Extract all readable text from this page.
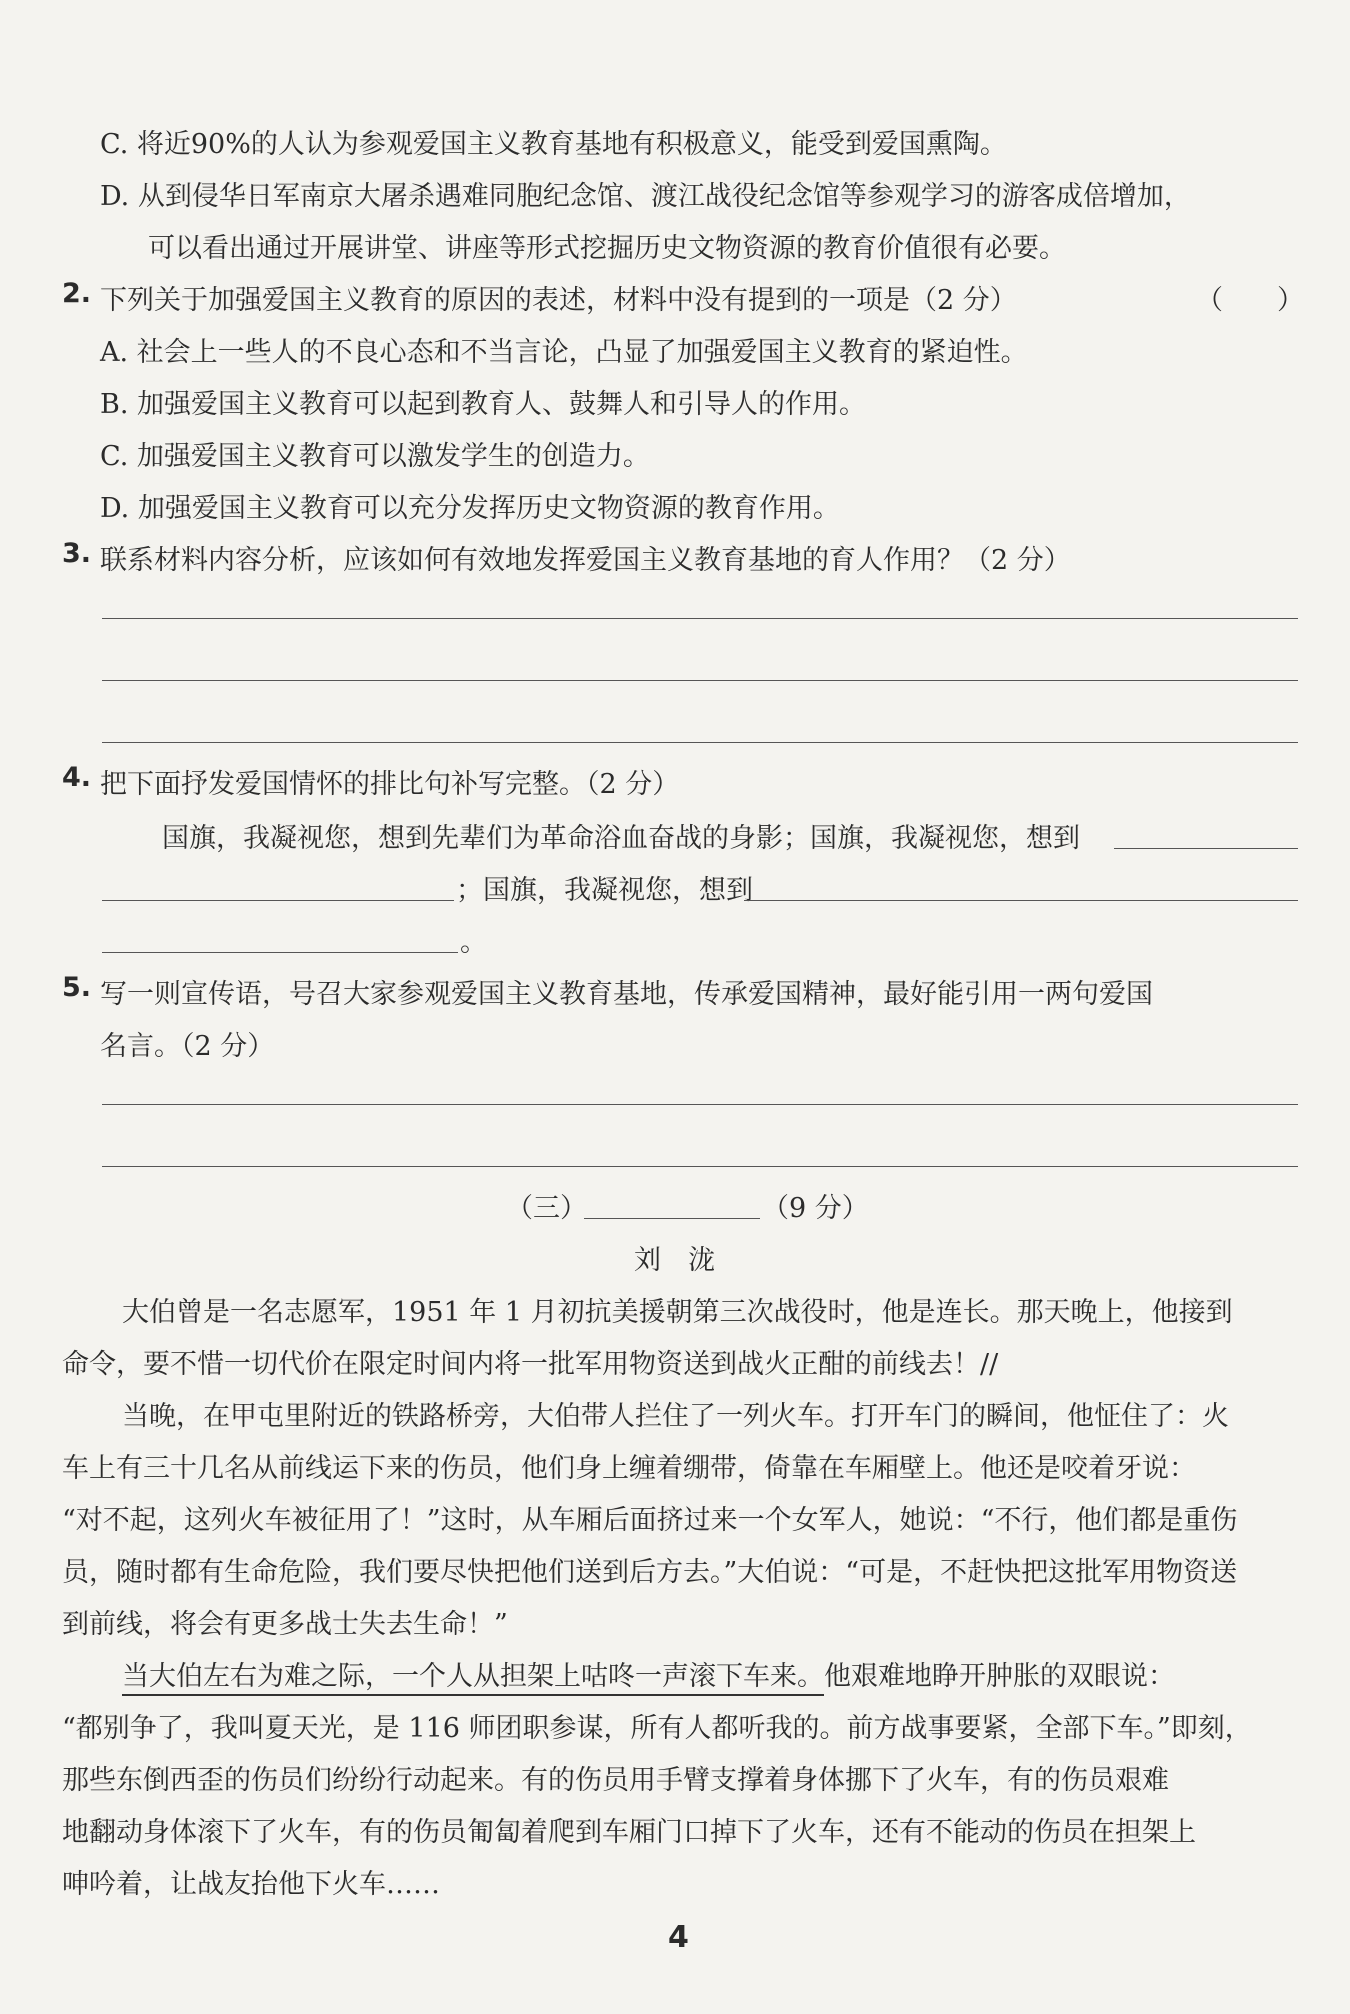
C. 将近90%的人认为参观爱国主义教育基地有积极意义，能受到爱国熏陶。
D. 从到侵华日军南京大屠杀遇难同胞纪念馆、渡江战役纪念馆等参观学习的游客成倍增加，
可以看出通过开展讲堂、讲座等形式挖掘历史文物资源的教育价值很有必要。
2. 下列关于加强爱国主义教育的原因的表述，材料中没有提到的一项是（2 分）	（　　）
A. 社会上一些人的不良心态和不当言论，凸显了加强爱国主义教育的紧迫性。
B. 加强爱国主义教育可以起到教育人、鼓舞人和引导人的作用。
C. 加强爱国主义教育可以激发学生的创造力。
D. 加强爱国主义教育可以充分发挥历史文物资源的教育作用。
3. 联系材料内容分析，应该如何有效地发挥爱国主义教育基地的育人作用？（2 分）
4. 把下面抒发爱国情怀的排比句补写完整。（2 分）
国旗，我凝视您，想到先辈们为革命浴血奋战的身影；国旗，我凝视您，想到
；国旗，我凝视您，想到
。
5. 写一则宣传语，号召大家参观爱国主义教育基地，传承爱国精神，最好能引用一两句爱国
名言。（2 分）
（三）	（9 分）
刘　泷
大伯曾是一名志愿军，1951 年 1 月初抗美援朝第三次战役时，他是连长。那天晚上，他接到
命令，要不惜一切代价在限定时间内将一批军用物资送到战火正酣的前线去！//
当晚，在甲屯里附近的铁路桥旁，大伯带人拦住了一列火车。打开车门的瞬间，他怔住了：火
车上有三十几名从前线运下来的伤员，他们身上缠着绷带，倚靠在车厢壁上。他还是咬着牙说：
“对不起，这列火车被征用了！”这时，从车厢后面挤过来一个女军人，她说：“不行，他们都是重伤
员，随时都有生命危险，我们要尽快把他们送到后方去。”大伯说：“可是，不赶快把这批军用物资送
到前线，将会有更多战士失去生命！”
当大伯左右为难之际，一个人从担架上咕咚一声滚下车来。他艰难地睁开肿胀的双眼说：
“都别争了，我叫夏天光，是 116 师团职参谋，所有人都听我的。前方战事要紧，全部下车。”即刻，
那些东倒西歪的伤员们纷纷行动起来。有的伤员用手臂支撑着身体挪下了火车，有的伤员艰难
地翻动身体滚下了火车，有的伤员匍匐着爬到车厢门口掉下了火车，还有不能动的伤员在担架上
呻吟着，让战友抬他下火车……
4
